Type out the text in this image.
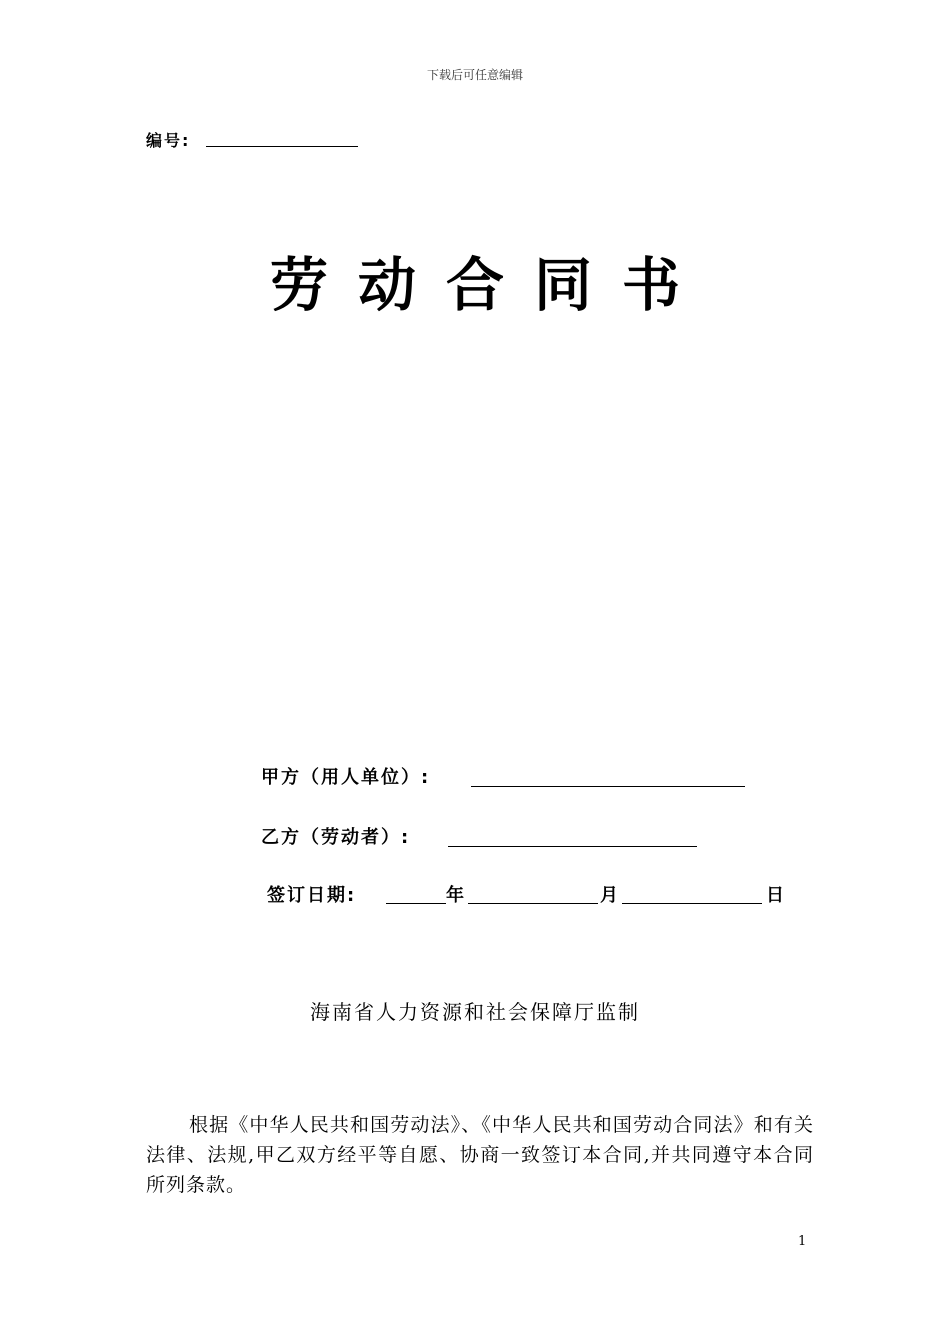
下载后可任意编辑
编号:
劳动合同书
甲方（用人单位）:
乙方（劳动者）:
签订日期:	年	月	日
海南省人力资源和社会保障厅监制
根据《中华人民共和国劳动法》、《中华人民共和国劳动合同法》和有关法律、法规,甲乙双方经平等自愿、协商一致签订本合同,并共同遵守本合同所列条款。
1
